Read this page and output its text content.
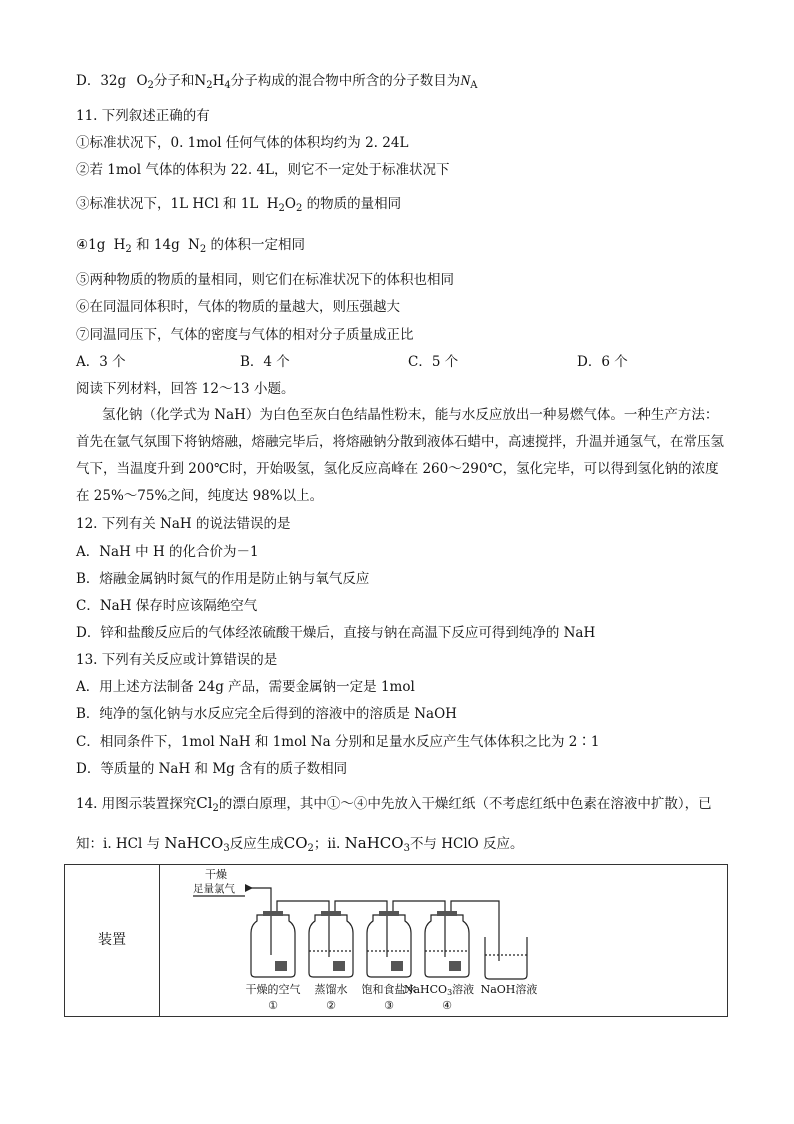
D．32g $O_2$分子和$N_2H_4$分子构成的混合物中所含的分子数目为$N_A$
11. 下列叙述正确的有
①标准状况下，0. 1mol 任何气体的体积均约为 2. 24L
②若 1mol 气体的体积为 22. 4L，则它不一定处于标准状况下
③标准状况下，1L HCl 和 1L $H_2O_2$ 的物质的量相同
④1g $H_2$ 和 14g $N_2$ 的体积一定相同
⑤两种物质的物质的量相同，则它们在标准状况下的体积也相同
⑥在同温同体积时，气体的物质的量越大，则压强越大
⑦同温同压下，气体的密度与气体的相对分子质量成正比
A．3 个	B．4 个	C．5 个	D．6 个
阅读下列材料，回答 12～13 小题。
氢化钠（化学式为 NaH）为白色至灰白色结晶性粉末，能与水反应放出一种易燃气体。一种生产方法：首先在氩气氛围下将钠熔融，熔融完毕后，将熔融钠分散到液体石蜡中，高速搅拌，升温并通氢气，在常压氢气下，当温度升到 200℃时，开始吸氢，氢化反应高峰在 260～290℃，氢化完毕，可以得到氢化钠的浓度在 25%～75%之间，纯度达 98%以上。
12. 下列有关 NaH 的说法错误的是
A．NaH 中 H 的化合价为－1
B．熔融金属钠时氮气的作用是防止钠与氧气反应
C．NaH 保存时应该隔绝空气
D．锌和盐酸反应后的气体经浓硫酸干燥后，直接与钠在高温下反应可得到纯净的 NaH
13. 下列有关反应或计算错误的是
A．用上述方法制备 24g 产品，需要金属钠一定是 1mol
B．纯净的氢化钠与水反应完全后得到的溶液中的溶质是 NaOH
C．相同条件下，1mol NaH 和 1mol Na 分别和足量水反应产生气体体积之比为 2∶1
D．等质量的 NaH 和 Mg 含有的质子数相同
14. 用图示装置探究$Cl_2$的漂白原理，其中①～④中先放入干燥红纸（不考虑红纸中色素在溶液中扩散），已
知：ⅰ. HCl 与 NaHCO$_3$反应生成$CO_2$；ⅱ. NaHCO$_3$不与 HClO 反应。
装置
干燥
足量氯气
干燥的空气 蒸馏水 饱和食盐水
NaHCO3溶液 NaOH溶液
①	②	③	④
